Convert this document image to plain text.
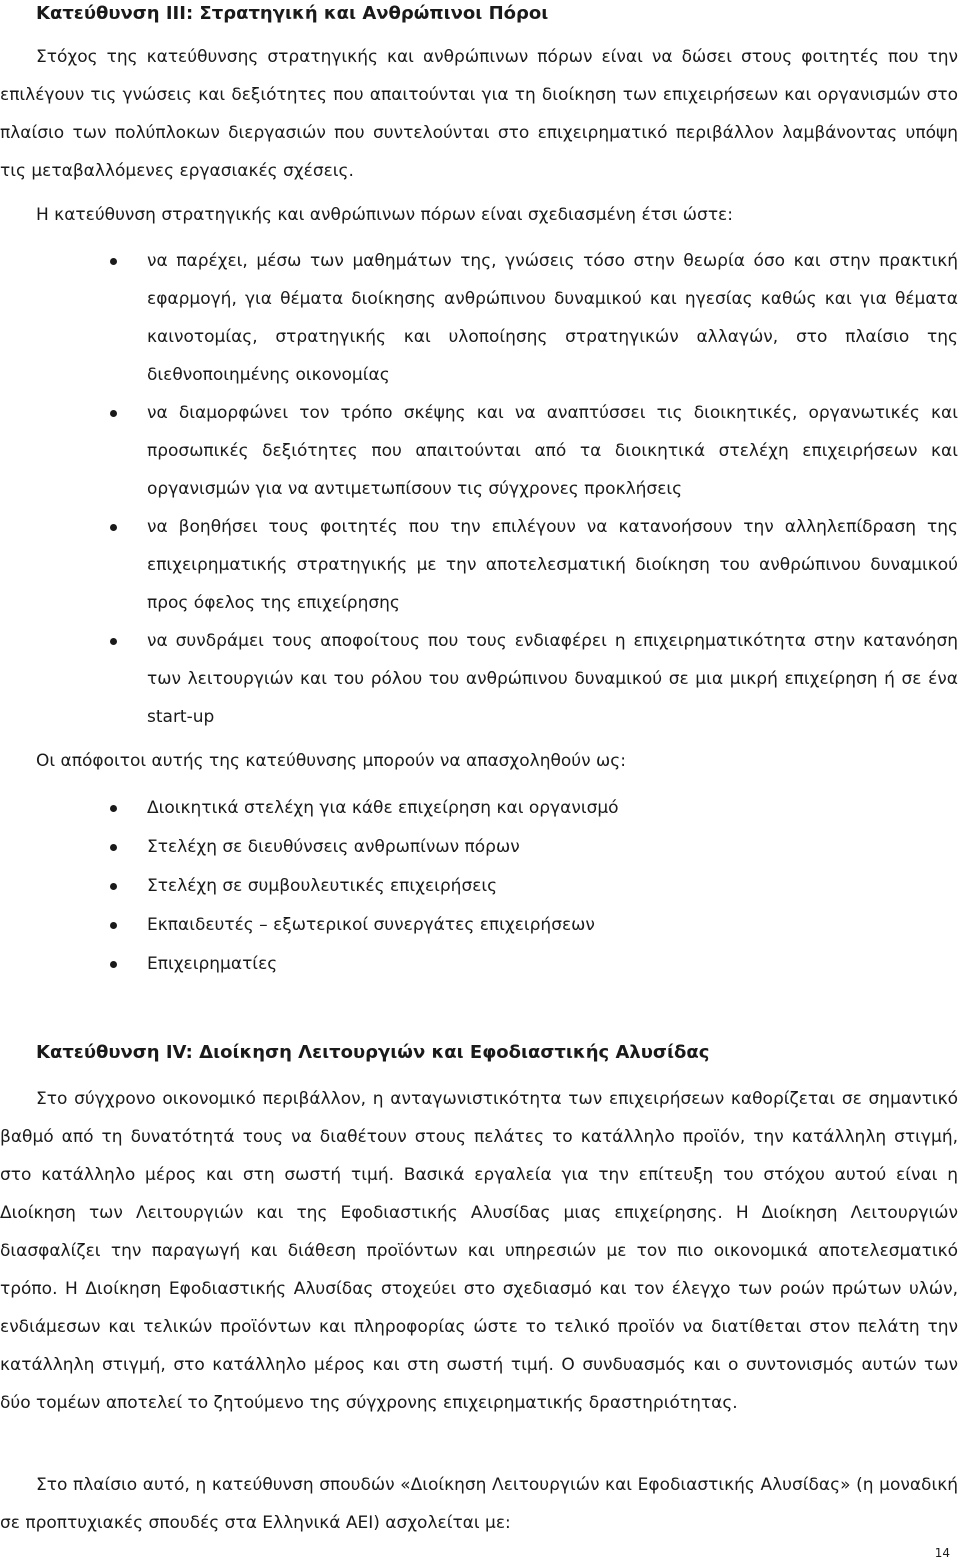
Κατεύθυνση ΙΙΙ: Στρατηγική και Ανθρώπινοι Πόροι

Στόχος της κατεύθυνσης στρατηγικής και ανθρώπινων πόρων είναι να δώσει στους φοιτητές που την επιλέγουν τις γνώσεις και δεξιότητες που απαιτούνται για τη διοίκηση των επιχειρήσεων και οργανισμών στο πλαίσιο των πολύπλοκων διεργασιών που συντελούνται στο επιχειρηματικό περιβάλλον λαμβάνοντας υπόψη τις μεταβαλλόμενες εργασιακές σχέσεις.

Η κατεύθυνση στρατηγικής και ανθρώπινων πόρων είναι σχεδιασμένη έτσι ώστε:

να παρέχει, μέσω των μαθημάτων της, γνώσεις τόσο στην θεωρία όσο και στην πρακτική εφαρμογή, για θέματα διοίκησης ανθρώπινου δυναμικού και ηγεσίας καθώς και για θέματα καινοτομίας, στρατηγικής και υλοποίησης στρατηγικών αλλαγών, στο πλαίσιο της διεθνοποιημένης οικονομίας
να διαμορφώνει τον τρόπο σκέψης και να αναπτύσσει τις διοικητικές, οργανωτικές και προσωπικές δεξιότητες που απαιτούνται από τα διοικητικά στελέχη επιχειρήσεων και οργανισμών για να αντιμετωπίσουν τις σύγχρονες προκλήσεις
να βοηθήσει τους φοιτητές που την επιλέγουν να κατανοήσουν την αλληλεπίδραση της επιχειρηματικής στρατηγικής με την αποτελεσματική διοίκηση του ανθρώπινου δυναμικού προς όφελος της επιχείρησης
να συνδράμει τους αποφοίτους που τους ενδιαφέρει η επιχειρηματικότητα στην κατανόηση των λειτουργιών και του ρόλου του ανθρώπινου δυναμικού σε μια μικρή επιχείρηση ή σε ένα start-up

Οι απόφοιτοι αυτής της κατεύθυνσης μπορούν να απασχοληθούν ως:

Διοικητικά στελέχη για κάθε επιχείρηση και οργανισμό
Στελέχη σε διευθύνσεις ανθρωπίνων πόρων
Στελέχη σε συμβουλευτικές επιχειρήσεις
Εκπαιδευτές – εξωτερικοί συνεργάτες επιχειρήσεων
Επιχειρηματίες
Κατεύθυνση IV: Διοίκηση Λειτουργιών και Εφοδιαστικής Αλυσίδας

Στο σύγχρονο οικονομικό περιβάλλον, η ανταγωνιστικότητα των επιχειρήσεων καθορίζεται σε σημαντικό βαθμό από τη δυνατότητά τους να διαθέτουν στους πελάτες το κατάλληλο προϊόν, την κατάλληλη στιγμή, στο κατάλληλο μέρος και στη σωστή τιμή. Βασικά εργαλεία για την επίτευξη του στόχου αυτού είναι η Διοίκηση των Λειτουργιών και της Εφοδιαστικής Αλυσίδας μιας επιχείρησης. Η Διοίκηση Λειτουργιών διασφαλίζει την παραγωγή και διάθεση προϊόντων και υπηρεσιών με τον πιο οικονομικά αποτελεσματικό τρόπο. Η Διοίκηση Εφοδιαστικής Αλυσίδας στοχεύει στο σχεδιασμό και τον έλεγχο των ροών πρώτων υλών, ενδιάμεσων και τελικών προϊόντων και πληροφορίας ώστε το τελικό προϊόν να διατίθεται στον πελάτη την κατάλληλη στιγμή, στο κατάλληλο μέρος και στη σωστή τιμή. Ο συνδυασμός και ο συντονισμός αυτών των δύο τομέων αποτελεί το ζητούμενο της σύγχρονης επιχειρηματικής δραστηριότητας.

Στο πλαίσιο αυτό, η κατεύθυνση σπουδών «Διοίκηση Λειτουργιών και Εφοδιαστικής Αλυσίδας» (η μοναδική σε προπτυχιακές σπουδές στα Ελληνικά ΑΕΙ) ασχολείται με:

14
